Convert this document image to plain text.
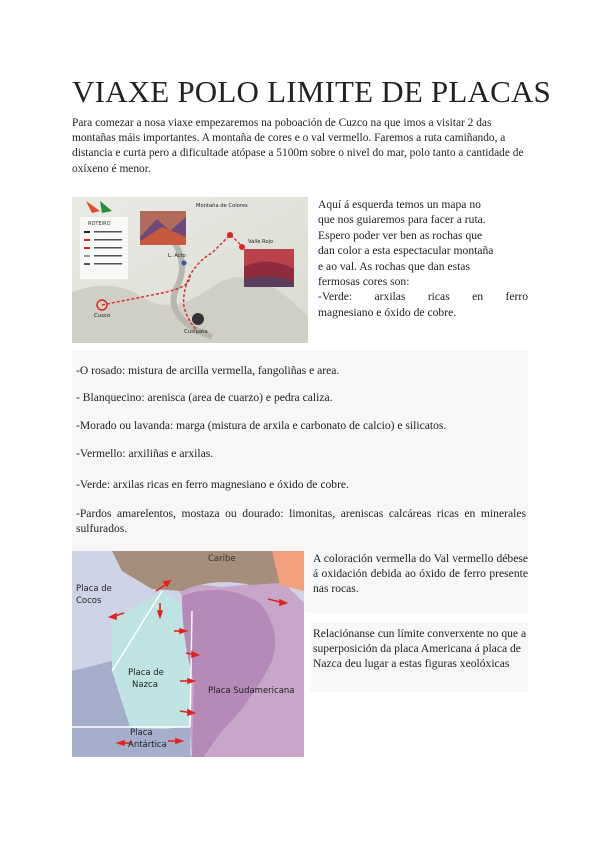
VIAXE POLO LIMITE DE PLACAS
Para comezar a nosa viaxe empezaremos na poboación de Cuzco na que imos a visitar 2 das montañas máis importantes. A montaña de cores e o val vermello. Faremos a ruta camiñando, a distancia e curta pero a dificultade atópase a 5100m sobre o nivel do mar, polo tanto a cantidade de oxíxeno é menor.
ROTEIRO
Montaña de Colores
Valle Rojo
L. Acto
Cusco
Cusipata
Aquí á esquerda temos un mapa no
que nos guiaremos para facer a ruta.
Espero poder ver ben as rochas que
dan color a esta espectacular montaña
e ao val. As rochas que dan estas
fermosas cores son:
-Verde: arxilas ricas en ferro
magnesiano e óxido de cobre.
-O rosado: mistura de arcilla vermella, fangoliñas e area.
- Blanquecino: arenisca (area de cuarzo) e pedra caliza.
-Morado ou lavanda: marga (mistura de arxila e carbonato de calcio) e silicatos.
-Vermello: arxiliñas e arxilas.
-Verde: arxilas ricas en ferro magnesiano e óxido de cobre.
-Pardos amarelentos, mostaza ou dourado: limonitas, areniscas calcáreas ricas en minerales sulfurados.
Caribe
Placa de
Cocos
Placa de
Nazca
Placa Sudamericana
Placa
Antártica
A coloración vermella do Val vermello débese á oxidación debida ao óxido de ferro presente nas rocas.
Relaciónanse cun límite converxente no que a superposición da placa Americana á placa de Nazca deu lugar a estas figuras xeolóxicas
